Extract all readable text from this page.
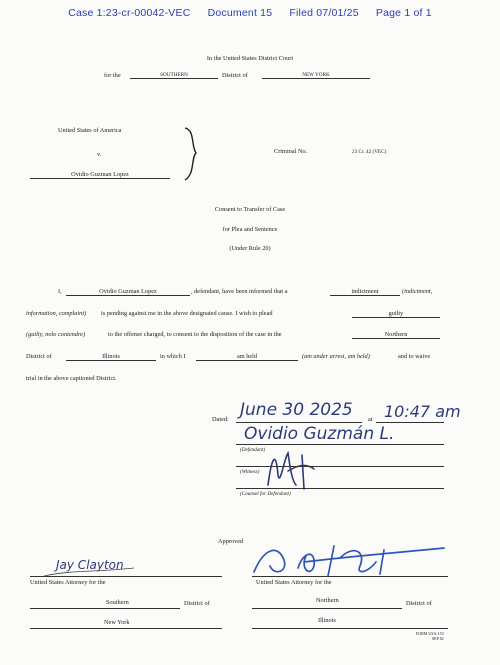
Case 1:23-cr-00042-VEC Document 15 Filed 07/01/25 Page 1 of 1
In the United States District Court
for the	SOUTHERN	District of	NEW YORK
United States of America
v.
Ovidio Guzman Lopez
Criminal No.	23 Cr. 42 (VEC)
Consent to Transfer of Case
for Plea and Sentence
(Under Rule 20)
I,	Ovidio Guzman Lopez	, defendant, have been informed that a	indictment	(indictment,
information, complaint) is pending against me in the above designated cause. I wish to plead	guilty
(guilty, nolo contendre)	to the offense charged, to consent to the disposition of the case in the	Northern
District of	Illinois	in which I	am held	(am under arrest, am held)	and to waive
trial in the above captioned District.
Dated: June 30 2025 at 10:47 am
Ovidio Guzmán L.
(Defendant)
(Witness)
(Counsel for Defendant)
Approved
Jay Clayton
United States Attorney for the
Southern	District of
New York
United States Attorney for the
Northern	District of
Illinois
FORM USA-153
SEP 82
